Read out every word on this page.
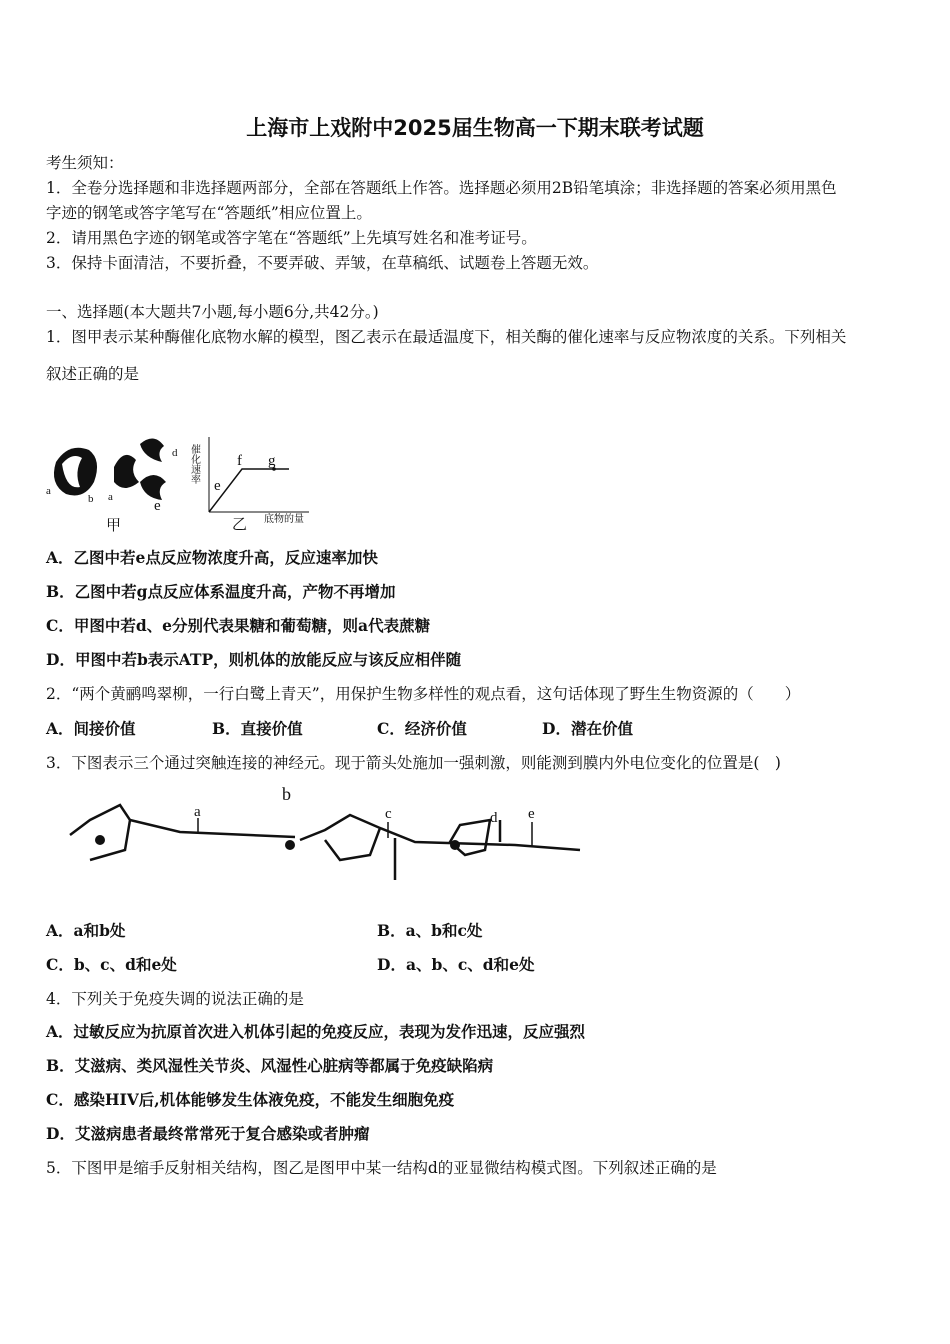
上海市上戏附中2025届生物高一下期末联考试题
考生须知：
1．全卷分选择题和非选择题两部分，全部在答题纸上作答。选择题必须用2B铅笔填涂；非选择题的答案必须用黑色
字迹的钢笔或答字笔写在“答题纸”相应位置上。
2．请用黑色字迹的钢笔或答字笔在“答题纸”上先填写姓名和准考证号。
3．保持卡面清洁，不要折叠，不要弄破、弄皱，在草稿纸、试题卷上答题无效。
一、选择题(本大题共7小题,每小题6分,共42分。)
1．图甲表示某种酶催化底物水解的模型，图乙表示在最适温度下，相关酶的催化速率与反应物浓度的关系。下列相关
叙述正确的是
a
b a
d
e
甲
e
f g
乙 底物的量
催化速率
A．乙图中若e点反应物浓度升高，反应速率加快
B．乙图中若g点反应体系温度升高，产物不再增加
C．甲图中若d、e分别代表果糖和葡萄糖，则a代表蔗糖
D．甲图中若b表示ATP，则机体的放能反应与该反应相伴随
2．“两个黄鹂鸣翠柳，一行白鹭上青天”，用保护生物多样性的观点看，这句话体现了野生生物资源的（　　）
A．间接价值	B．直接价值	C．经济价值	D．潜在价值
3．下图表示三个通过突触连接的神经元。现于箭头处施加一强刺激，则能测到膜内外电位变化的位置是(　)
a
b
c	d e
A．a和b处	B．a、b和c处
C．b、c、d和e处	D．a、b、c、d和e处
4．下列关于免疫失调的说法正确的是
A．过敏反应为抗原首次进入机体引起的免疫反应，表现为发作迅速，反应强烈
B．艾滋病、类风湿性关节炎、风湿性心脏病等都属于免疫缺陷病
C．感染HIV后,机体能够发生体液免疫，不能发生细胞免疫
D．艾滋病患者最终常常死于复合感染或者肿瘤
5．下图甲是缩手反射相关结构，图乙是图甲中某一结构d的亚显微结构模式图。下列叙述正确的是
